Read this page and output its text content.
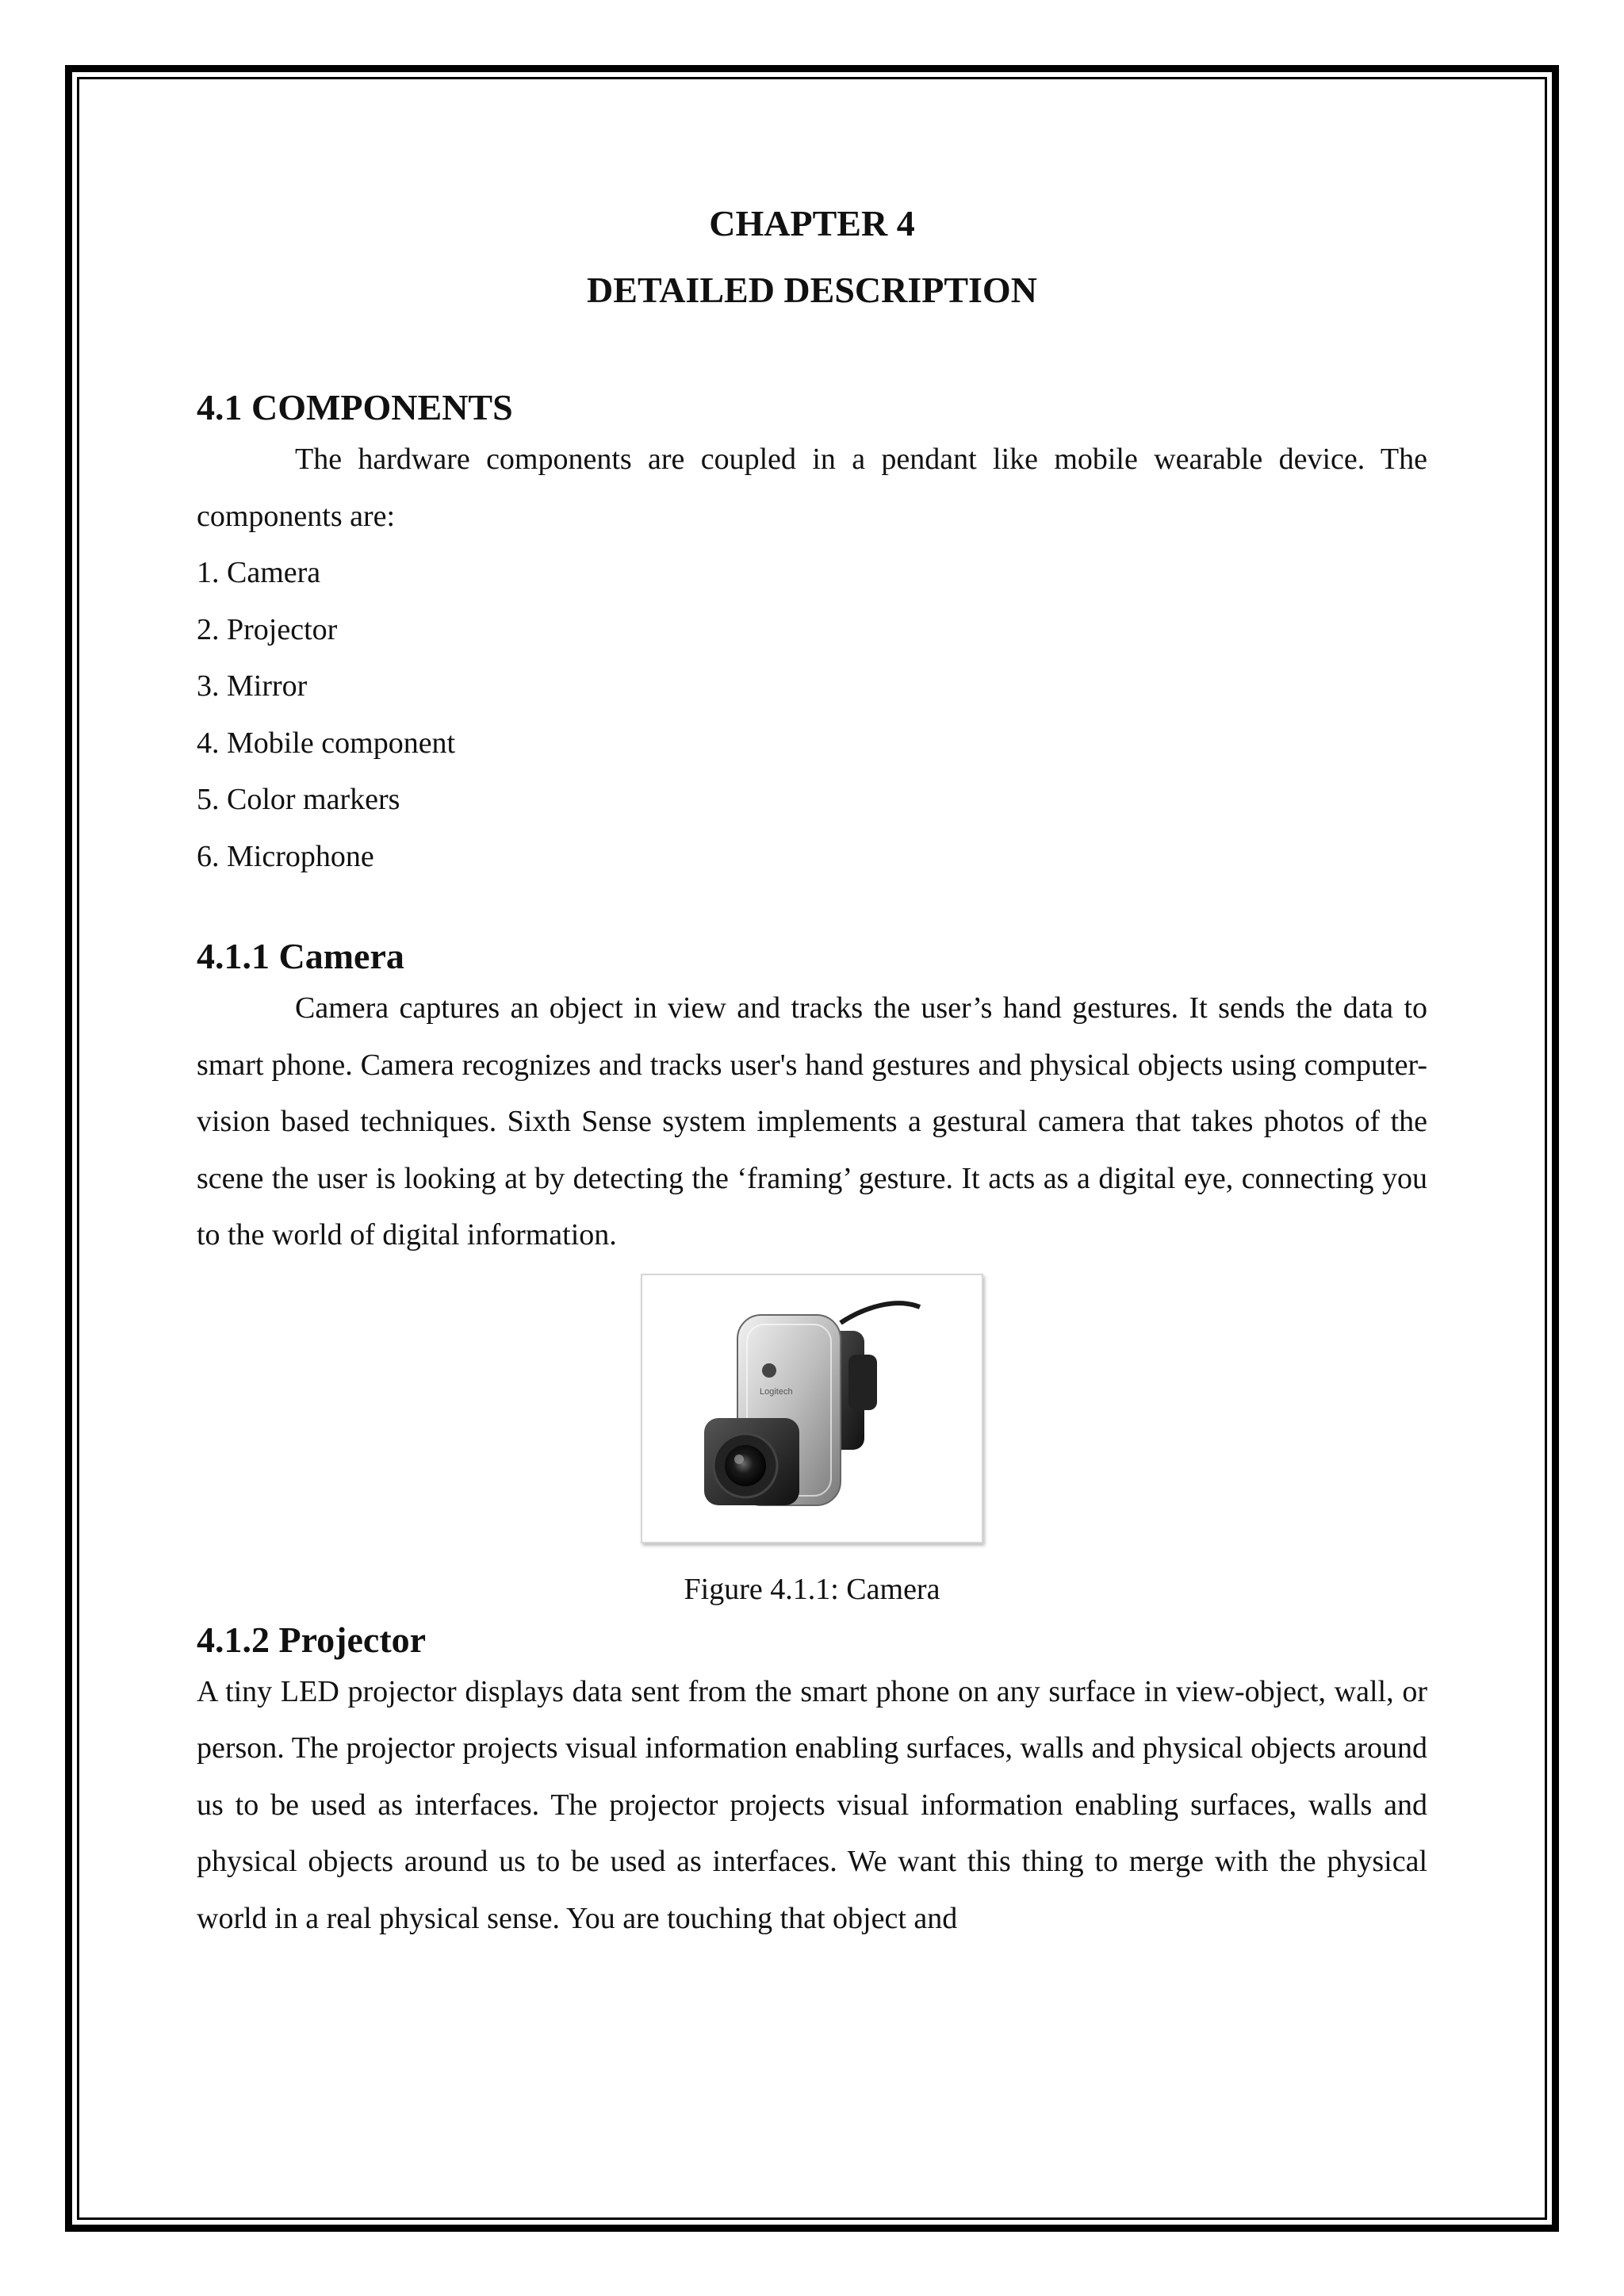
CHAPTER 4
DETAILED DESCRIPTION
4.1 COMPONENTS

The hardware components are coupled in a pendant like mobile wearable device. The components are:

1. Camera
2. Projector
3. Mirror
4. Mobile component
5. Color markers
6. Microphone
4.1.1 Camera

Camera captures an object in view and tracks the user’s hand gestures. It sends the data to smart phone. Camera recognizes and tracks user's hand gestures and physical objects using computer-vision based techniques. Sixth Sense system implements a gestural camera that takes photos of the scene the user is looking at by detecting the ‘framing’ gesture. It acts as a digital eye, connecting you to the world of digital information.

Logitech

Figure 4.1.1: Camera

4.1.2 Projector

A tiny LED projector displays data sent from the smart phone on any surface in view-object, wall, or person. The projector projects visual information enabling surfaces, walls and physical objects around us to be used as interfaces. The projector projects visual information enabling surfaces, walls and physical objects around us to be used as interfaces. We want this thing to merge with the physical world in a real physical sense. You are touching that object and
